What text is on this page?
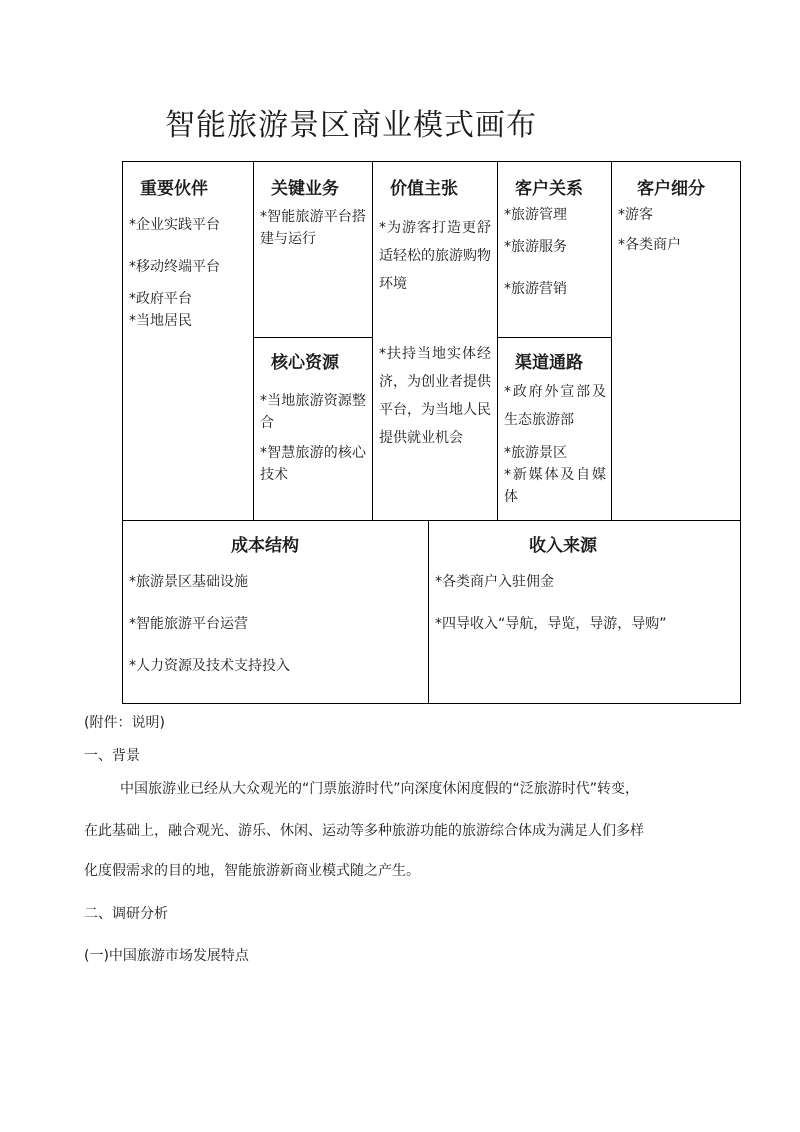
智能旅游景区商业模式画布
重要伙伴
*企业实践平台
*移动终端平台
*政府平台
*当地居民
关键业务
*智能旅游平台搭建与运行
核心资源
*当地旅游资源整合
*智慧旅游的核心技术
价值主张
*为游客打造更舒适轻松的旅游购物环境
*扶持当地实体经济，为创业者提供平台，为当地人民提供就业机会
客户关系
*旅游管理
*旅游服务
*旅游营销
渠道通路
*政府外宣部及生态旅游部
*旅游景区
*新媒体及自媒体
客户细分
*游客
*各类商户
成本结构
*旅游景区基础设施
*智能旅游平台运营
*人力资源及技术支持投入
收入来源
*各类商户入驻佣金
*四导收入“导航，导览，导游，导购”
(附件：说明)
一、背景
中国旅游业已经从大众观光的“门票旅游时代”向深度休闲度假的“泛旅游时代”转变，
在此基础上，融合观光、游乐、休闲、运动等多种旅游功能的旅游综合体成为满足人们多样
化度假需求的目的地，智能旅游新商业模式随之产生。
二、调研分析
(一)中国旅游市场发展特点
